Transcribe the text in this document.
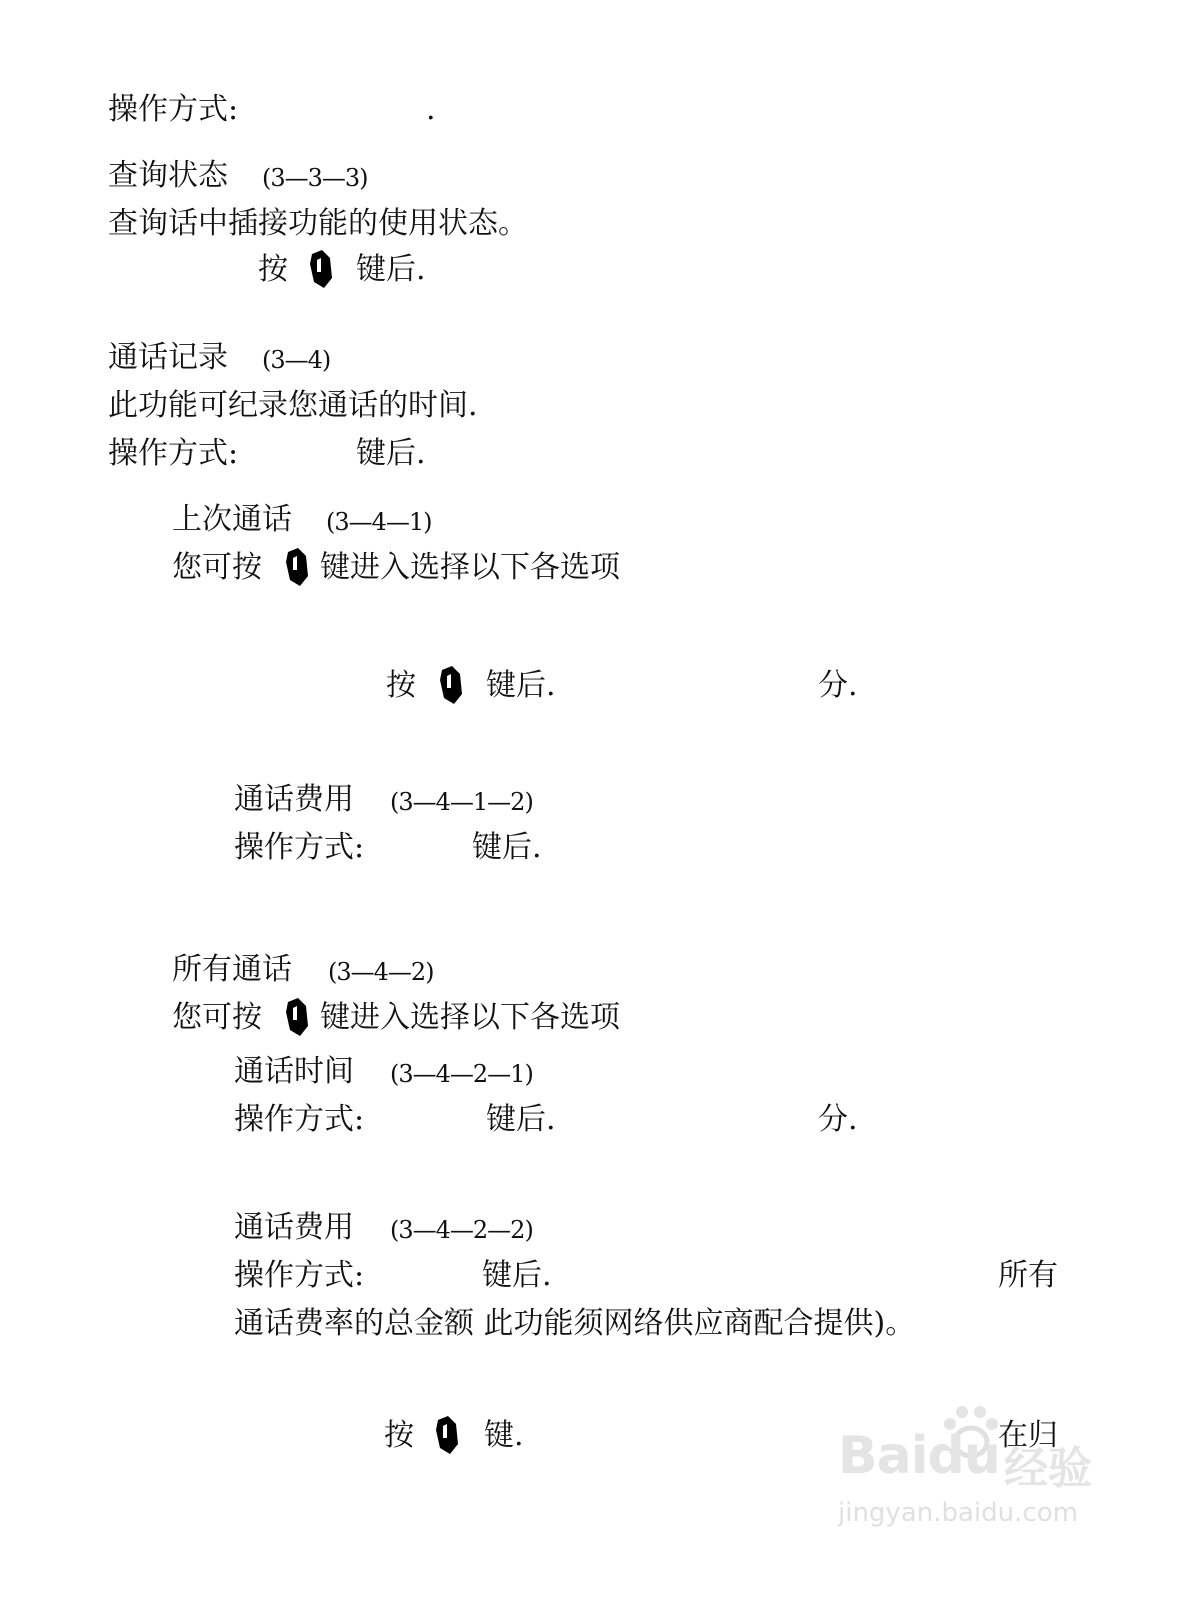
操作方式:	.
查询状态 (3—3—3)
查询话中插接功能的使用状态。
按 键后.
通话记录 (3—4)
此功能可纪录您通话的时间.
操作方式:	键后.
上次通话 (3—4—1)
您可按 键进入选择以下各选项
按 键后.	分.
通话费用 (3—4—1—2)
操作方式:	键后.
所有通话 (3—4—2)
您可按 键进入选择以下各选项
通话时间 (3—4—2—1)
操作方式:	键后.	分.
通话费用 (3—4—2—2)
操作方式:	键后.	所有
通话费率的总金额 此功能须网络供应商配合提供)。
按 键.	在归
Baidu 经验
jingyan.baidu.com
